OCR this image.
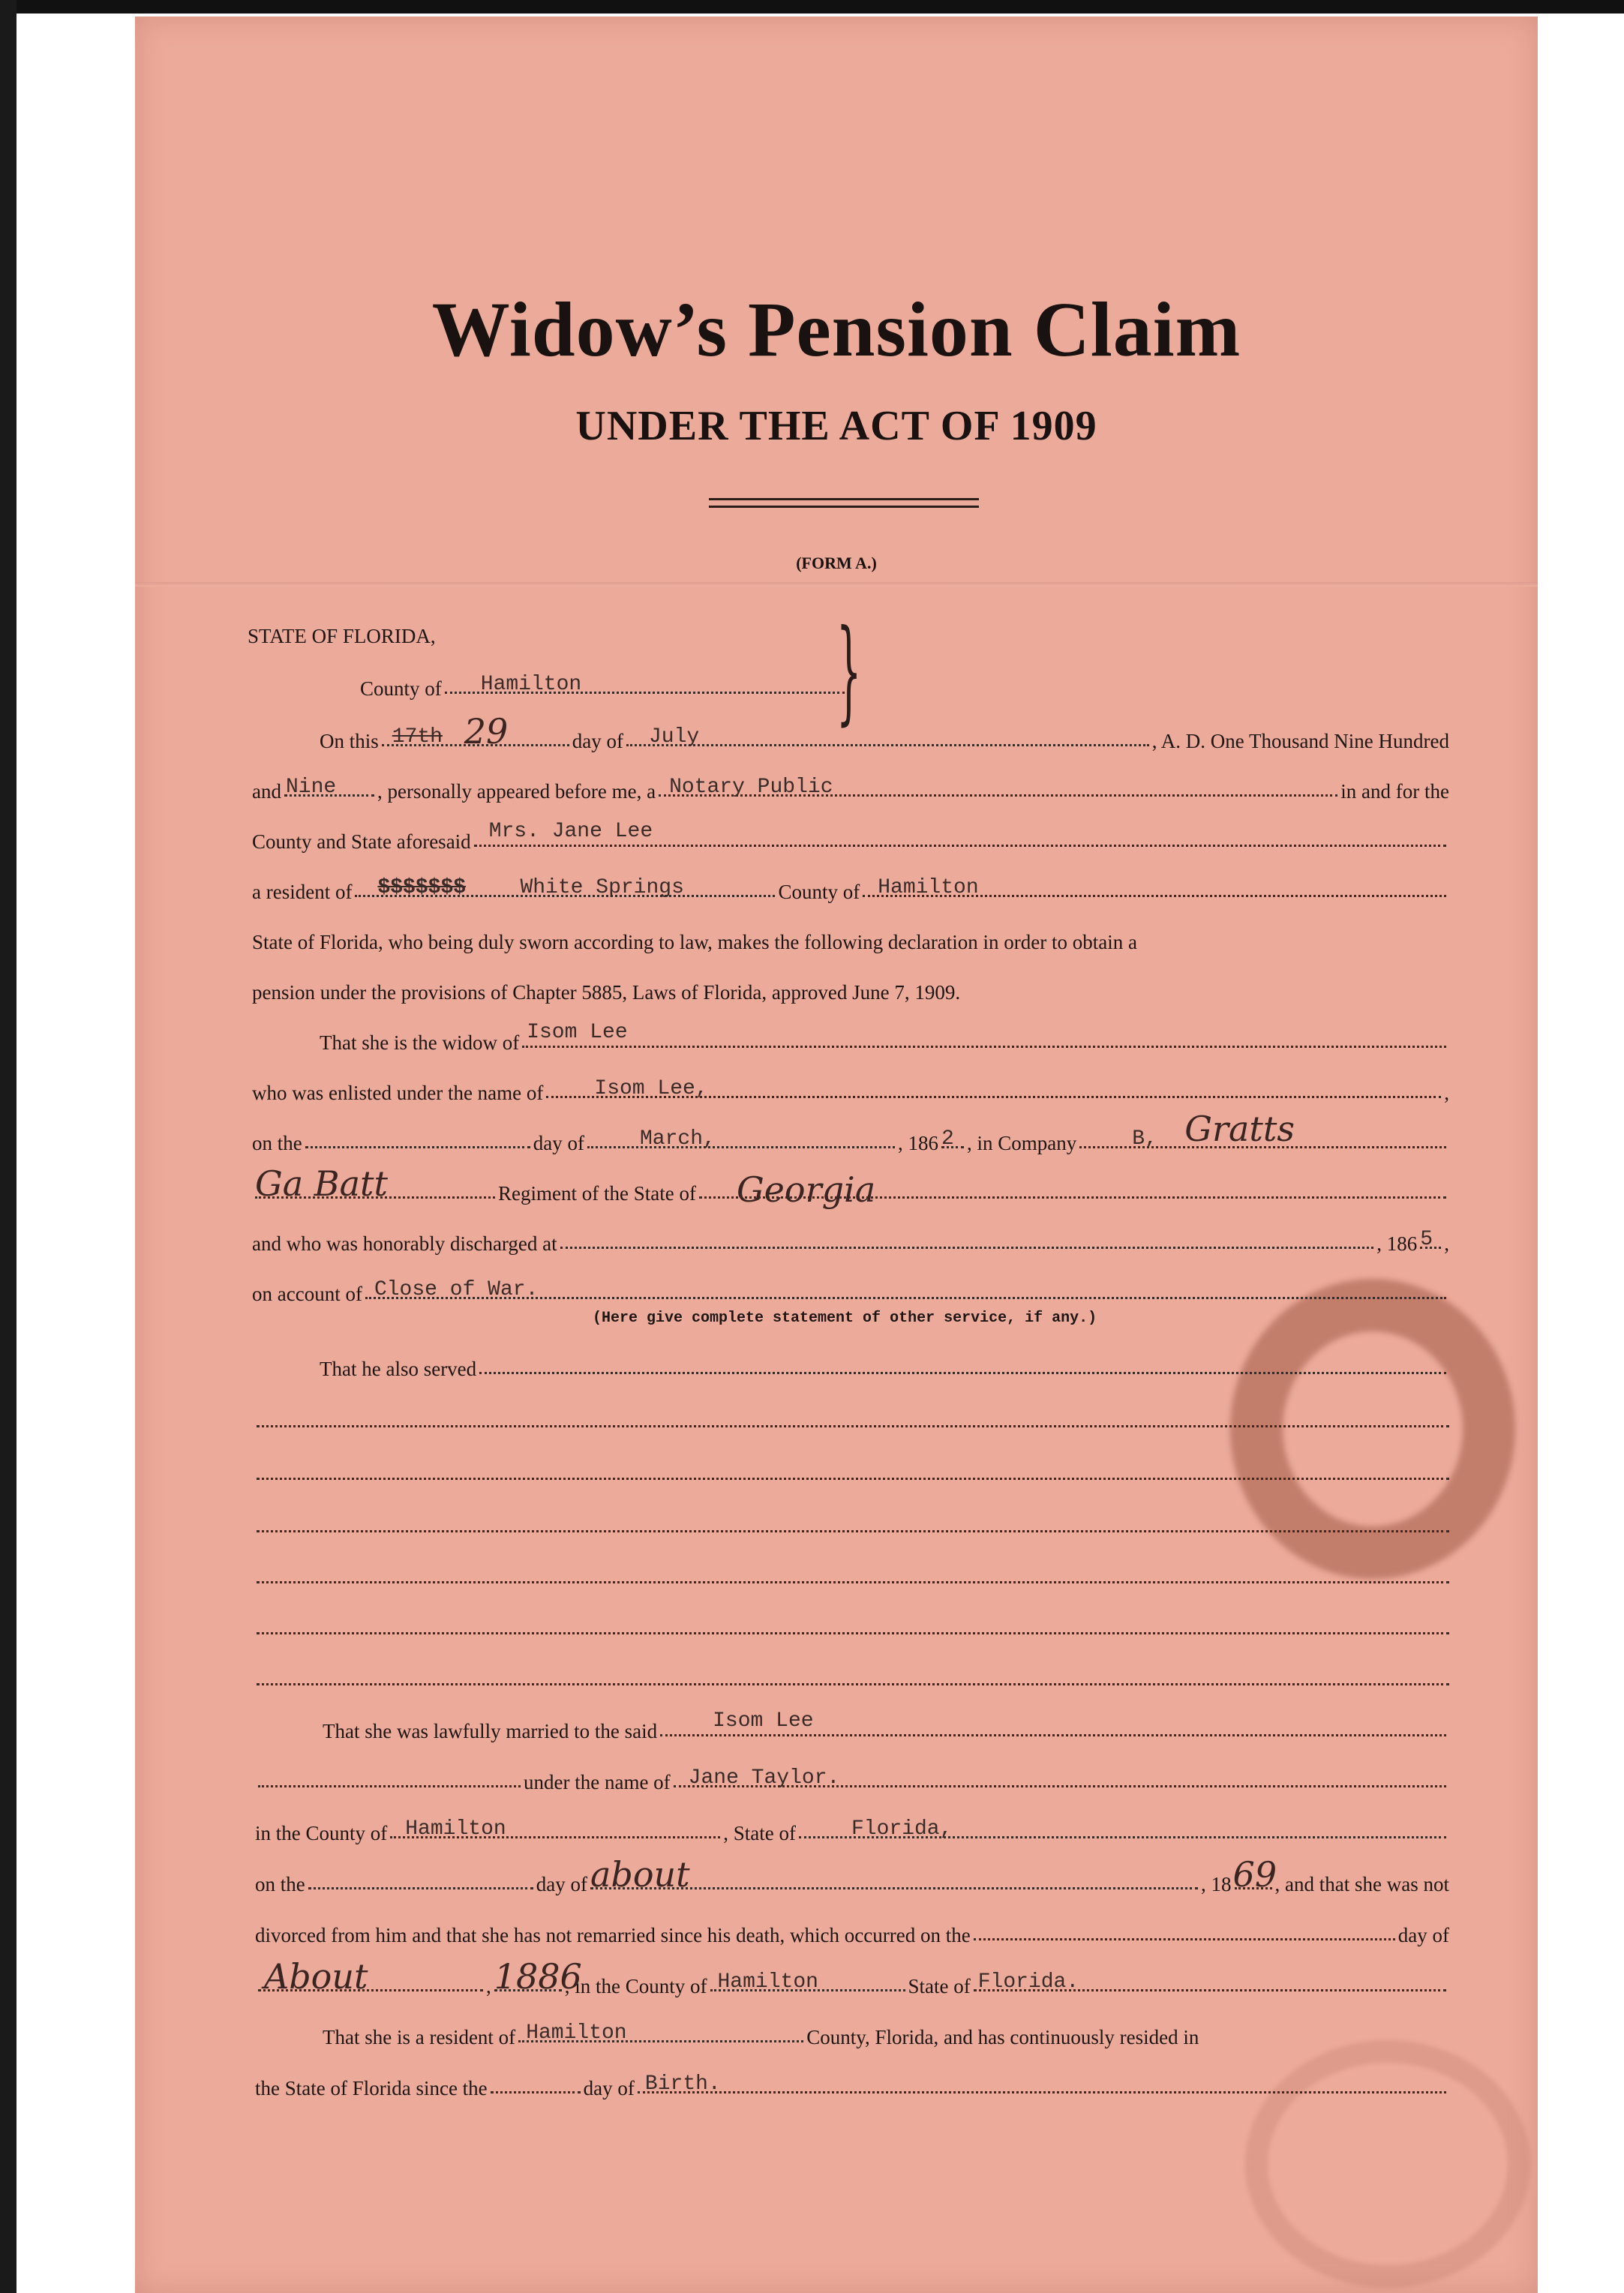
Widow’s Pension Claim
UNDER THE ACT OF 1909
(FORM A.)
STATE OF FLORIDA,
County of Hamilton }
On this 17th 29	day of July	, A. D. One Thousand Nine Hundred
and Nine , personally appeared before me, a Notary Public	in and for the
County and State aforesaid Mrs. Jane Lee
a resident of $$$$$$$	White Springs	County of Hamilton
State of Florida, who being duly sworn according to law, makes the following declaration in order to obtain a
pension under the provisions of Chapter 5885, Laws of Florida, approved June 7, 1909.
That she is the widow of Isom Lee
who was enlisted under the name of Isom Lee,	,
on the	day of	March,	, 186 2 , in Company	B, Gratts
Ga Batt	Regiment of the State of Georgia
and who was honorably discharged at	, 186 5 ,
on account of Close of War.
(Here give complete statement of other service, if any.)
That he also served
That she was lawfully married to the said	Isom Lee
under the name of Jane Taylor.
in the County of Hamilton	, State of	Florida,
on the	day of about	, 18 69
, and that she was not
divorced from him and that she has not remarried since his death, which occurred on the	day of
About	, 1886
, in the County of Hamilton	State of Florida.
That she is a resident of Hamilton	County, Florida, and has continuously resided in
the State of Florida since the	day of Birth.
